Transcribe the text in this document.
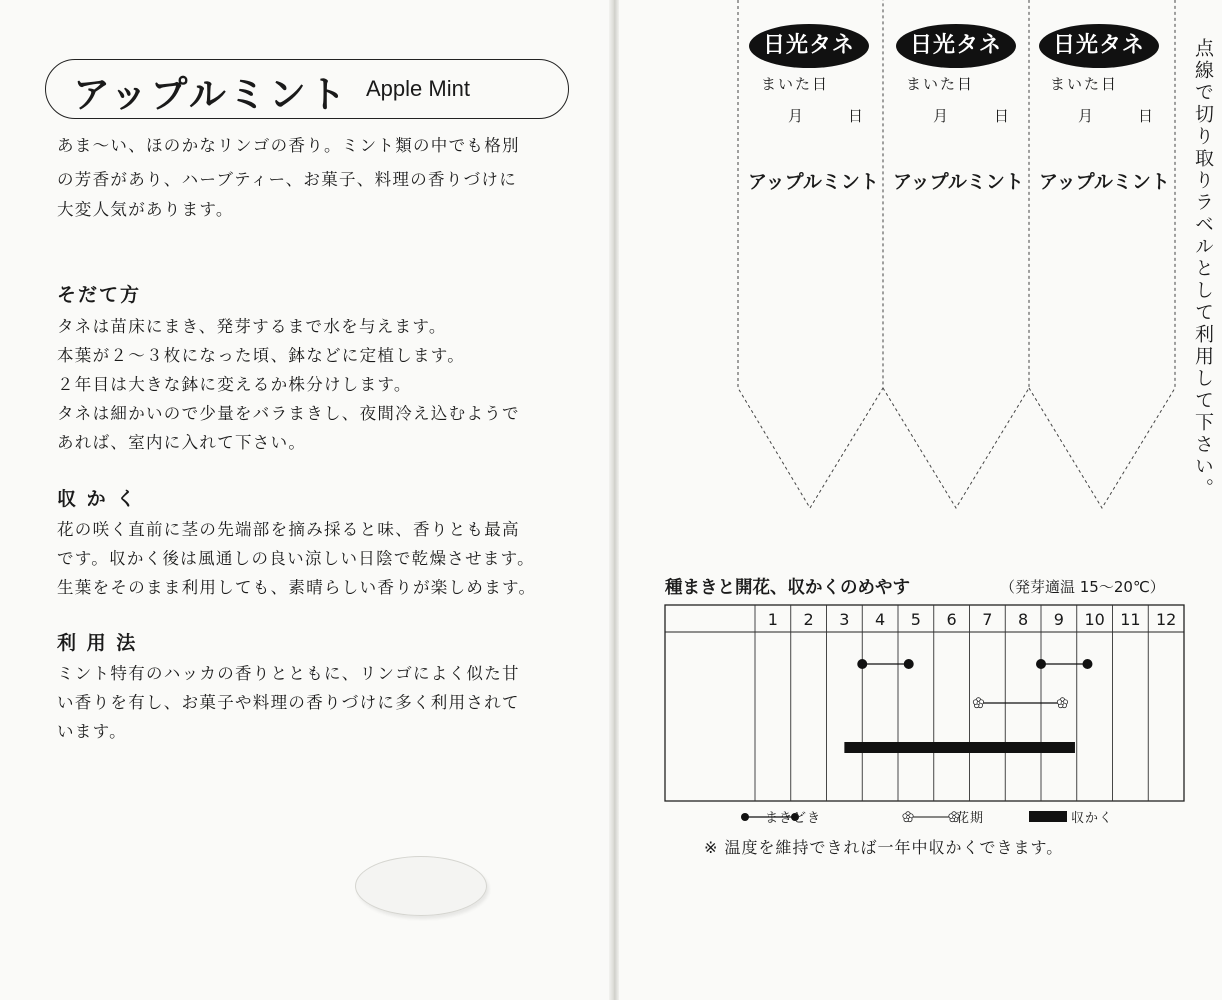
アップルミント Apple Mint
あま〜い、ほのかなリンゴの香り。ミント類の中でも格別
の芳香があり、ハーブティー、お菓子、料理の香りづけに
大変人気があります。
そだて方
タネは苗床にまき、発芽するまで水を与えます。
本葉が２〜３枚になった頃、鉢などに定植します。
２年目は大きな鉢に変えるか株分けします。
タネは細かいので少量をバラまきし、夜間冷え込むようで
あれば、室内に入れて下さい。
収 か く
花の咲く直前に茎の先端部を摘み採ると味、香りとも最高
です。収かく後は風通しの良い涼しい日陰で乾燥させます。
生葉をそのまま利用しても、素晴らしい香りが楽しめます。
利 用 法
ミント特有のハッカの香りとともに、リンゴによく似た甘
い香りを有し、お菓子や料理の香りづけに多く利用されて
います。
日光タネ
まいた日
月	日
アップルミント
日光タネ
まいた日
月	日
アップルミント
日光タネ
まいた日
月	日
アップルミント 点線で切り取りラベルとして利用して下さい。
種まきと開花、収かくのめやす	（発芽適温 15〜20℃）
1 2 3 4 5 6 7 8 9 10 11 12
まきどき	花期	収かく
※ 温度を維持できれば一年中収かくできます。
